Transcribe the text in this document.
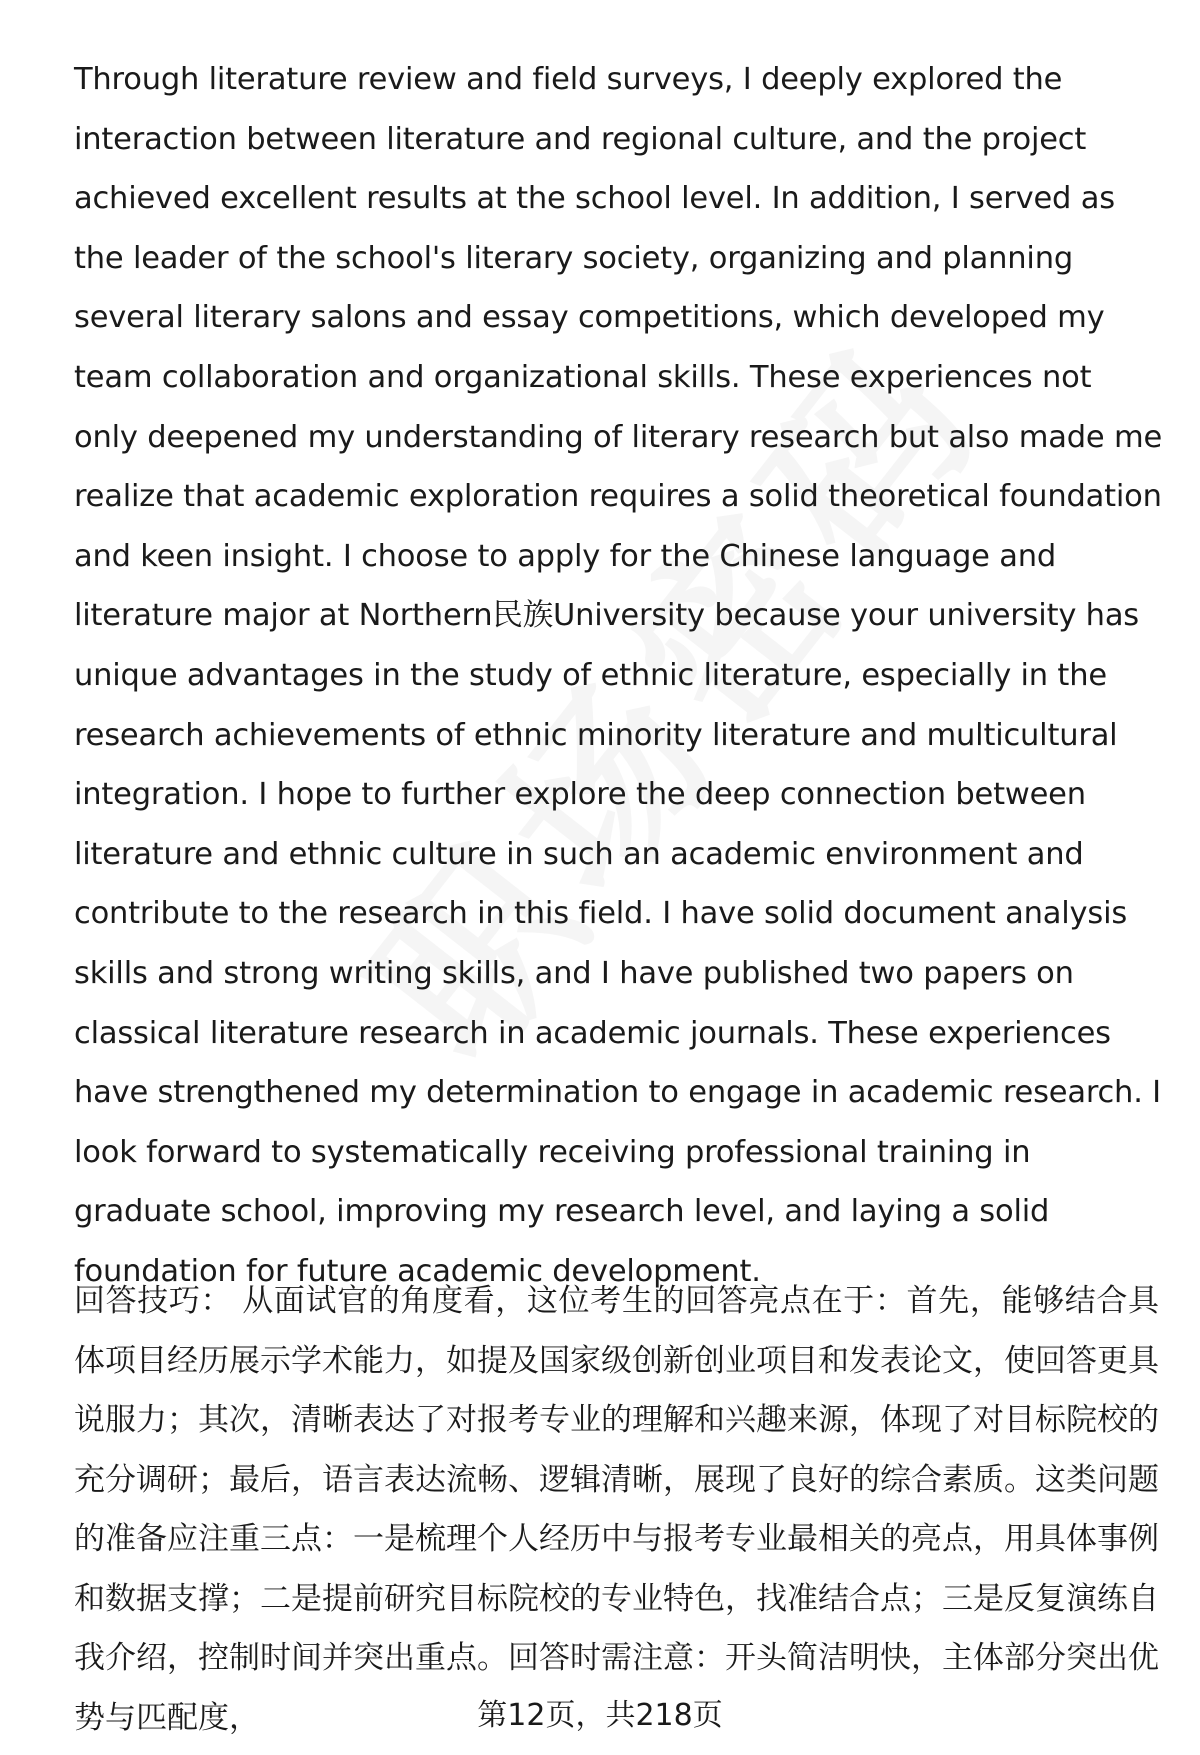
Through literature review and field surveys, I deeply explored the interaction between literature and regional culture, and the project achieved excellent results at the school level. In addition, I served as the leader of the school's literary society, organizing and planning several literary salons and essay competitions, which developed my team collaboration and organizational skills. These experiences not only deepened my understanding of literary research but also made me realize that academic exploration requires a solid theoretical foundation and keen insight. I choose to apply for the Chinese language and literature major at Northern民族University because your university has unique advantages in the study of ethnic literature, especially in the research achievements of ethnic minority literature and multicultural integration. I hope to further explore the deep connection between literature and ethnic culture in such an academic environment and contribute to the research in this field. I have solid document analysis skills and strong writing skills, and I have published two papers on classical literature research in academic journals. These experiences have strengthened my determination to engage in academic research. I look forward to systematically receiving professional training in graduate school, improving my research level, and laying a solid foundation for future academic development.

回答技巧： 从面试官的角度看，这位考生的回答亮点在于：首先，能够结合具体项目经历展示学术能力，如提及国家级创新创业项目和发表论文，使回答更具说服力；其次，清晰表达了对报考专业的理解和兴趣来源，体现了对目标院校的充分调研；最后，语言表达流畅、逻辑清晰，展现了良好的综合素质。这类问题的准备应注重三点：一是梳理个人经历中与报考专业最相关的亮点，用具体事例和数据支撑；二是提前研究目标院校的专业特色，找准结合点；三是反复演练自我介绍，控制时间并突出重点。回答时需注意：开头简洁明快，主体部分突出优势与匹配度，	第12页，共218页
